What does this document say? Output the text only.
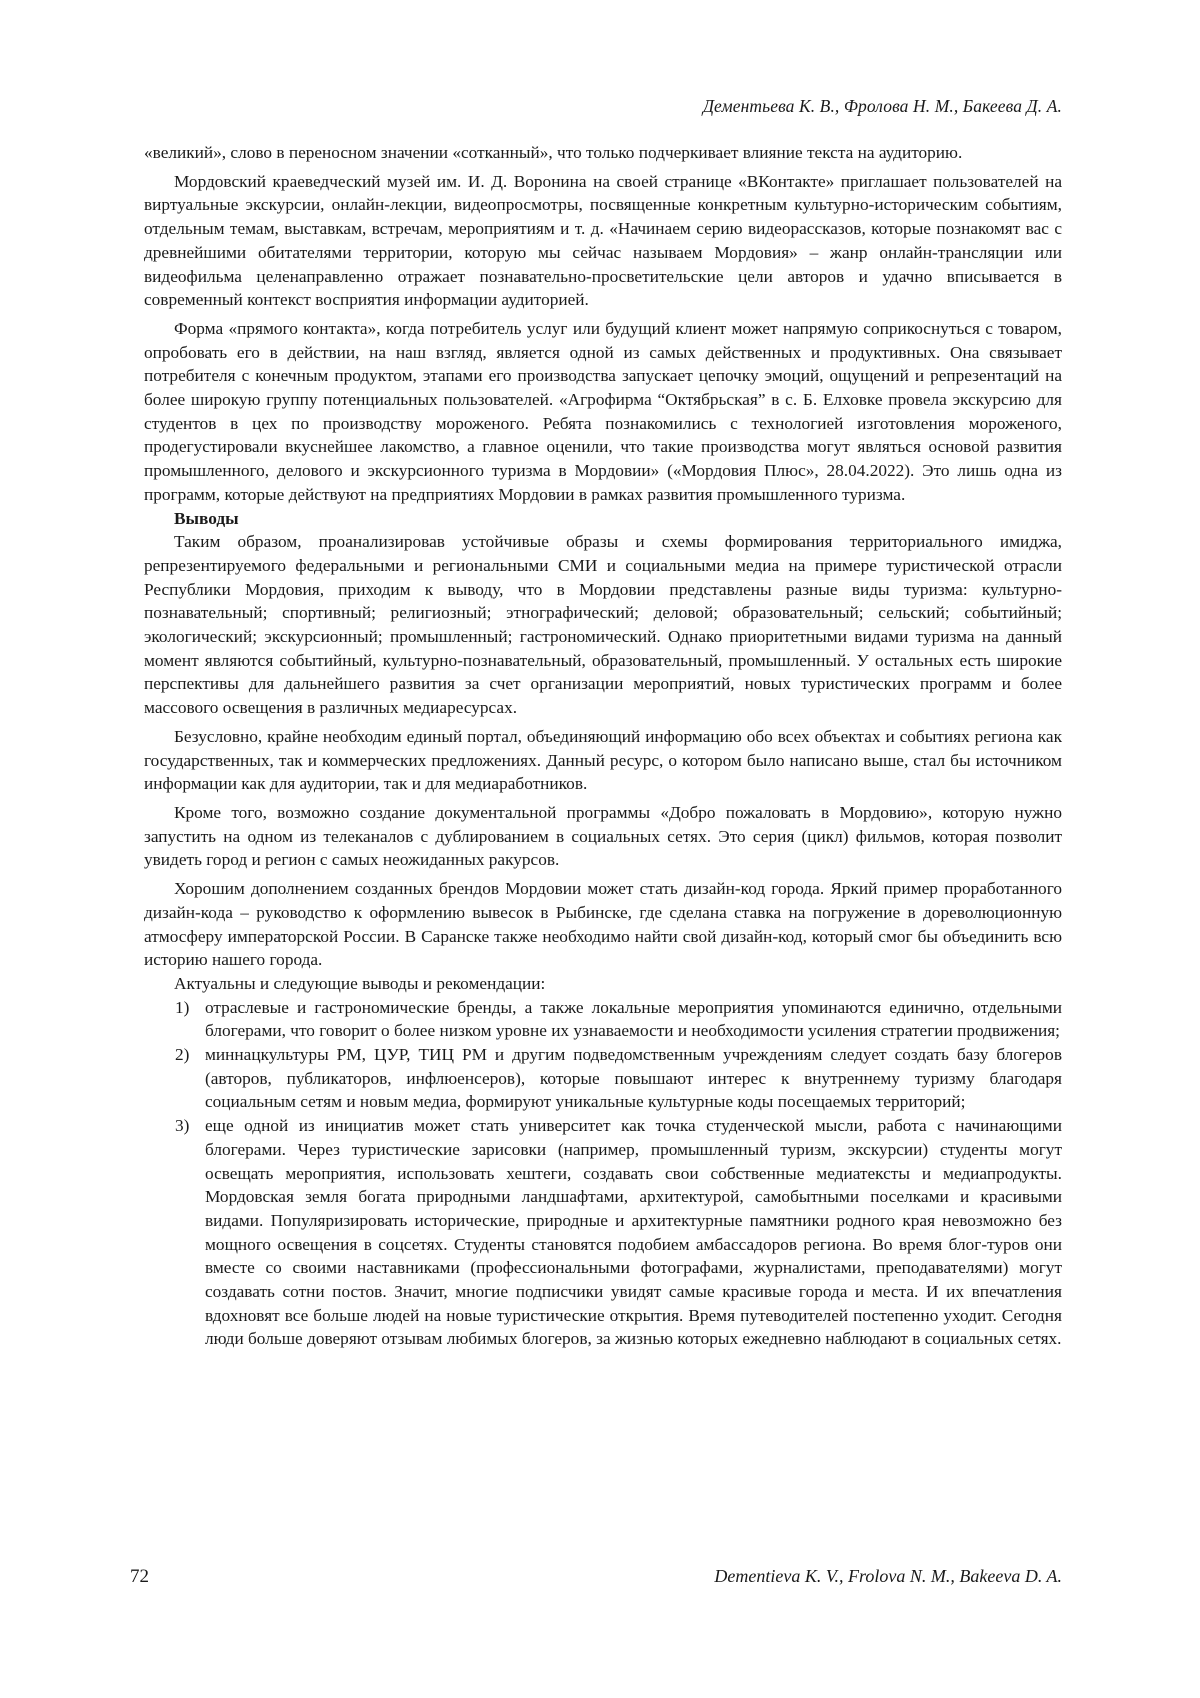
Дементьева К. В., Фролова Н. М., Бакеева Д. А.

«великий», слово в переносном значении «сотканный», что только подчеркивает влияние текста на аудиторию.

Мордовский краеведческий музей им. И. Д. Воронина на своей странице «ВКонтакте» приглашает пользователей на виртуальные экскурсии, онлайн-лекции, видеопросмотры, посвященные конкретным культурно-историческим событиям, отдельным темам, выставкам, встречам, мероприятиям и т. д. «Начинаем серию видеорассказов, которые познакомят вас с древнейшими обитателями территории, которую мы сейчас называем Мордовия» – жанр онлайн-трансляции или видеофильма целенаправленно отражает познавательно-просветительские цели авторов и удачно вписывается в современный контекст восприятия информации аудиторией.

Форма «прямого контакта», когда потребитель услуг или будущий клиент может напрямую соприкоснуться с товаром, опробовать его в действии, на наш взгляд, является одной из самых действенных и продуктивных. Она связывает потребителя с конечным продуктом, этапами его производства запускает цепочку эмоций, ощущений и репрезентаций на более широкую группу потенциальных пользователей. «Агрофирма “Октябрьская” в с. Б. Елховке провела экскурсию для студентов в цех по производству мороженого. Ребята познакомились с технологией изготовления мороженого, продегустировали вкуснейшее лакомство, а главное оценили, что такие производства могут являться основой развития промышленного, делового и экскурсионного туризма в Мордовии» («Мордовия Плюс», 28.04.2022). Это лишь одна из программ, которые действуют на предприятиях Мордовии в рамках развития промышленного туризма.

Выводы

Таким образом, проанализировав устойчивые образы и схемы формирования территориального имиджа, репрезентируемого федеральными и региональными СМИ и социальными медиа на примере туристической отрасли Республики Мордовия, приходим к выводу, что в Мордовии представлены разные виды туризма: культурно-познавательный; спортивный; религиозный; этнографический; деловой; образовательный; сельский; событийный; экологический; экскурсионный; промышленный; гастрономический. Однако приоритетными видами туризма на данный момент являются событийный, культурно-познавательный, образовательный, промышленный. У остальных есть широкие перспективы для дальнейшего развития за счет организации мероприятий, новых туристических программ и более массового освещения в различных медиаресурсах.

Безусловно, крайне необходим единый портал, объединяющий информацию обо всех объектах и событиях региона как государственных, так и коммерческих предложениях. Данный ресурс, о котором было написано выше, стал бы источником информации как для аудитории, так и для медиаработников.

Кроме того, возможно создание документальной программы «Добро пожаловать в Мордовию», которую нужно запустить на одном из телеканалов с дублированием в социальных сетях. Это серия (цикл) фильмов, которая позволит увидеть город и регион с самых неожиданных ракурсов.

Хорошим дополнением созданных брендов Мордовии может стать дизайн-код города. Яркий пример проработанного дизайн-кода – руководство к оформлению вывесок в Рыбинске, где сделана ставка на погружение в дореволюционную атмосферу императорской России. В Саранске также необходимо найти свой дизайн-код, который смог бы объединить всю историю нашего города.

Актуальны и следующие выводы и рекомендации:

1) отраслевые и гастрономические бренды, а также локальные мероприятия упоминаются единично, отдельными блогерами, что говорит о более низком уровне их узнаваемости и необходимости усиления стратегии продвижения;
2) миннацкультуры РМ, ЦУР, ТИЦ РМ и другим подведомственным учреждениям следует создать базу блогеров (авторов, публикаторов, инфлюенсеров), которые повышают интерес к внутреннему туризму благодаря социальным сетям и новым медиа, формируют уникальные культурные коды посещаемых территорий;
3) еще одной из инициатив может стать университет как точка студенческой мысли, работа с начинающими блогерами. Через туристические зарисовки (например, промышленный туризм, экскурсии) студенты могут освещать мероприятия, использовать хештеги, создавать свои собственные медиатексты и медиапродукты. Мордовская земля богата природными ландшафтами, архитектурой, самобытными поселками и красивыми видами. Популяризировать исторические, природные и архитектурные памятники родного края невозможно без мощного освещения в соцсетях. Студенты становятся подобием амбассадоров региона. Во время блог-туров они вместе со своими наставниками (профессиональными фотографами, журналистами, преподавателями) могут создавать сотни постов. Значит, многие подписчики увидят самые красивые города и места. И их впечатления вдохновят все больше людей на новые туристические открытия. Время путеводителей постепенно уходит. Сегодня люди больше доверяют отзывам любимых блогеров, за жизнью которых ежедневно наблюдают в социальных сетях.
72	Dementieva K. V., Frolova N. M., Bakeeva D. A.
